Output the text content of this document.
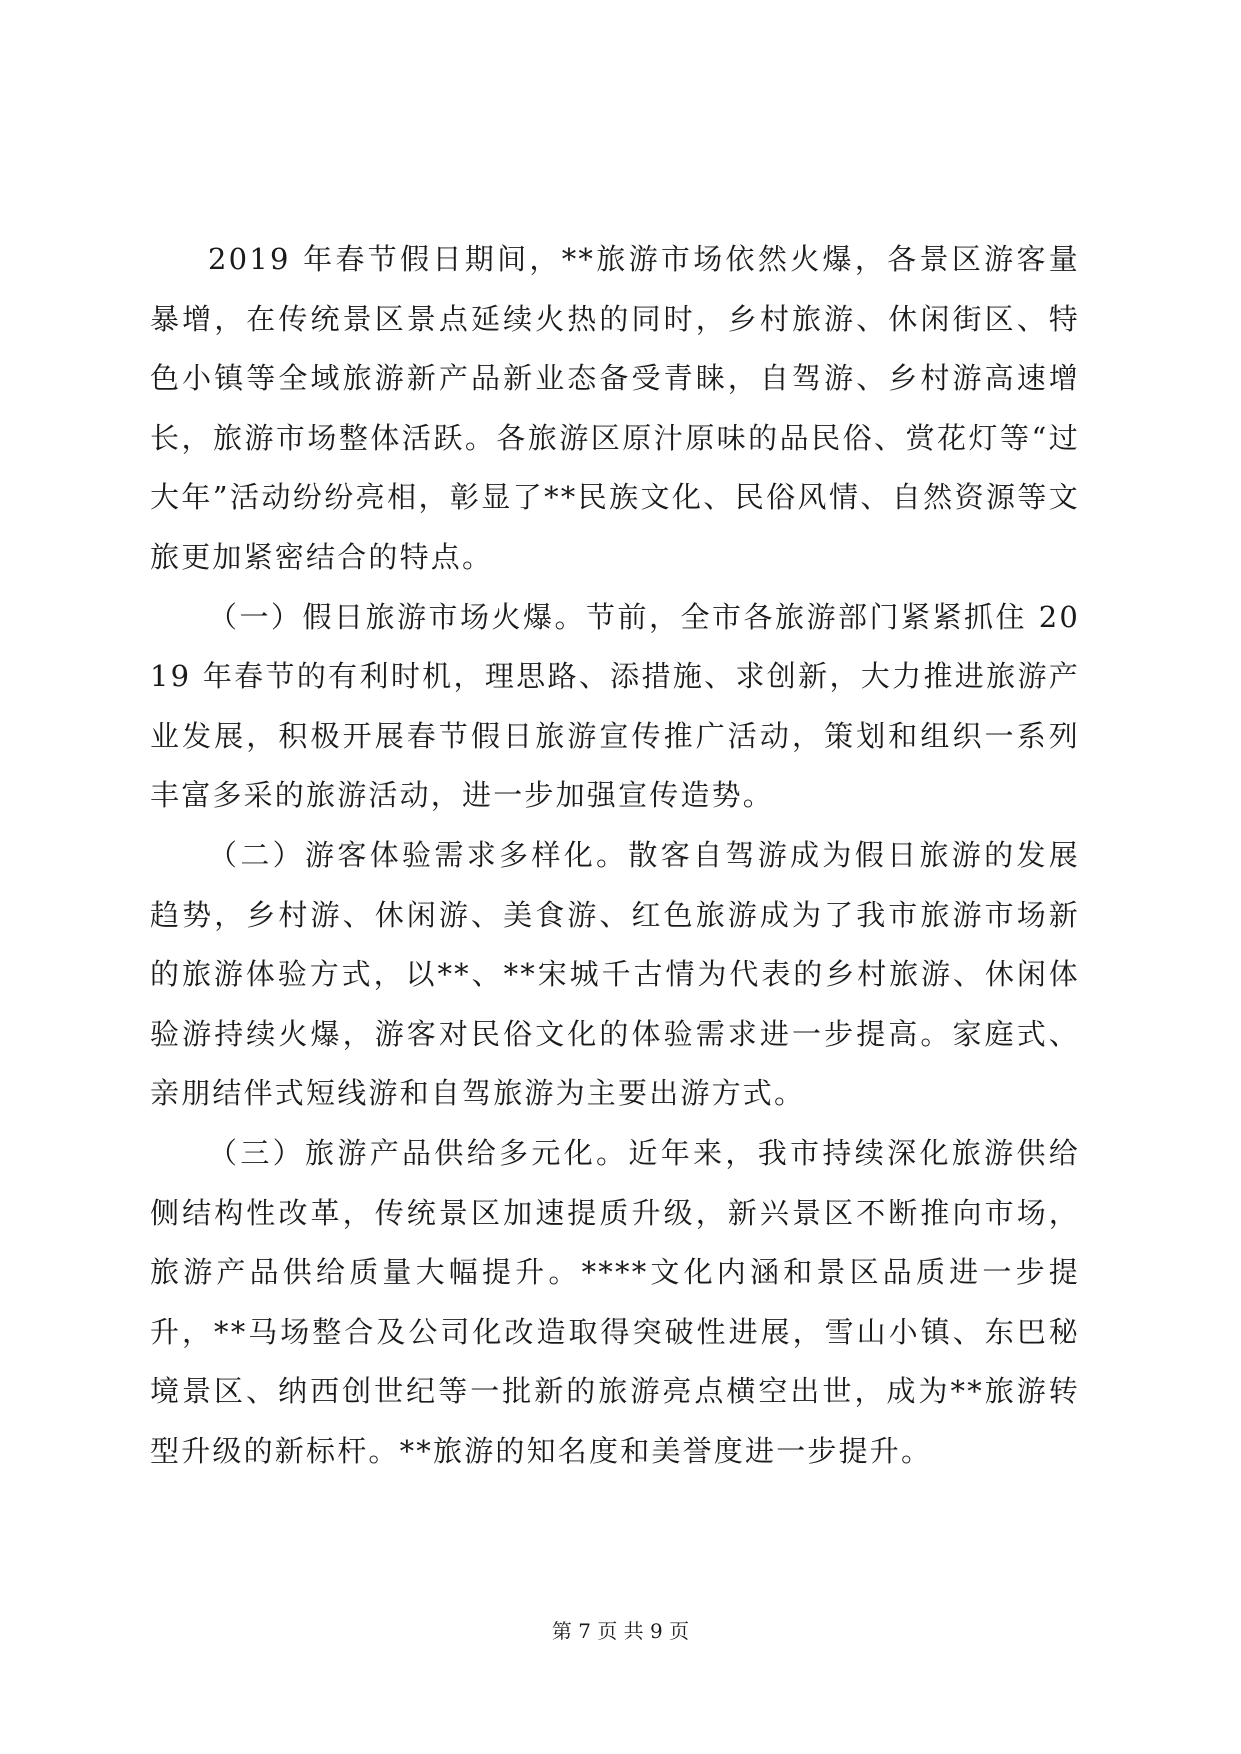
2019 年春节假日期间，**旅游市场依然火爆，各景区游客量暴增，在传统景区景点延续火热的同时，乡村旅游、休闲街区、特色小镇等全域旅游新产品新业态备受青睐，自驾游、乡村游高速增长，旅游市场整体活跃。各旅游区原汁原味的品民俗、赏花灯等“过大年”活动纷纷亮相，彰显了**民族文化、民俗风情、自然资源等文旅更加紧密结合的特点。

（一）假日旅游市场火爆。节前，全市各旅游部门紧紧抓住 2019 年春节的有利时机，理思路、添措施、求创新，大力推进旅游产业发展，积极开展春节假日旅游宣传推广活动，策划和组织一系列丰富多采的旅游活动，进一步加强宣传造势。

（二）游客体验需求多样化。散客自驾游成为假日旅游的发展趋势，乡村游、休闲游、美食游、红色旅游成为了我市旅游市场新的旅游体验方式，以**、**宋城千古情为代表的乡村旅游、休闲体验游持续火爆，游客对民俗文化的体验需求进一步提高。家庭式、亲朋结伴式短线游和自驾旅游为主要出游方式。

（三）旅游产品供给多元化。近年来，我市持续深化旅游供给侧结构性改革，传统景区加速提质升级，新兴景区不断推向市场，旅游产品供给质量大幅提升。****文化内涵和景区品质进一步提升，**马场整合及公司化改造取得突破性进展，雪山小镇、东巴秘境景区、纳西创世纪等一批新的旅游亮点横空出世，成为**旅游转型升级的新标杆。**旅游的知名度和美誉度进一步提升。

第 7 页 共 9 页
